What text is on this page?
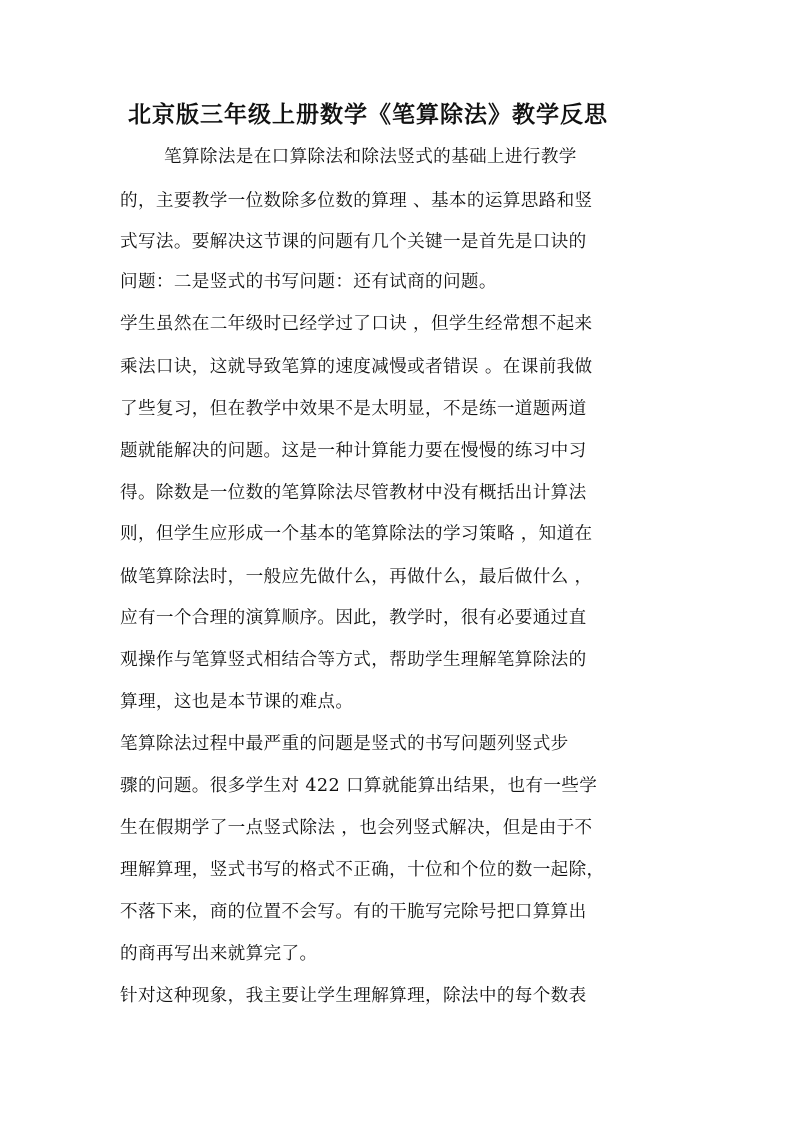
北京版三年级上册数学《笔算除法》教学反思

笔算除法是在口算除法和除法竖式的基础上进行教学

的，主要教学一位数除多位数的算理 、基本的运算思路和竖

式写法。要解决这节课的问题有几个关键一是首先是口诀的

问题：二是竖式的书写问题：还有试商的问题。

学生虽然在二年级时已经学过了口诀 ，但学生经常想不起来

乘法口诀，这就导致笔算的速度减慢或者错误 。在课前我做

了些复习，但在教学中效果不是太明显，不是练一道题两道

题就能解决的问题。这是一种计算能力要在慢慢的练习中习

得。除数是一位数的笔算除法尽管教材中没有概括出计算法

则，但学生应形成一个基本的笔算除法的学习策略 ，知道在

做笔算除法时，一般应先做什么，再做什么，最后做什么 ，

应有一个合理的演算顺序。因此，教学时，很有必要通过直

观操作与笔算竖式相结合等方式，帮助学生理解笔算除法的

算理，这也是本节课的难点。

笔算除法过程中最严重的问题是竖式的书写问题列竖式步

骤的问题。很多学生对 422 口算就能算出结果，也有一些学

生在假期学了一点竖式除法 ，也会列竖式解决，但是由于不

理解算理，竖式书写的格式不正确，十位和个位的数一起除，

不落下来，商的位置不会写。有的干脆写完除号把口算算出

的商再写出来就算完了。

针对这种现象，我主要让学生理解算理，除法中的每个数表
